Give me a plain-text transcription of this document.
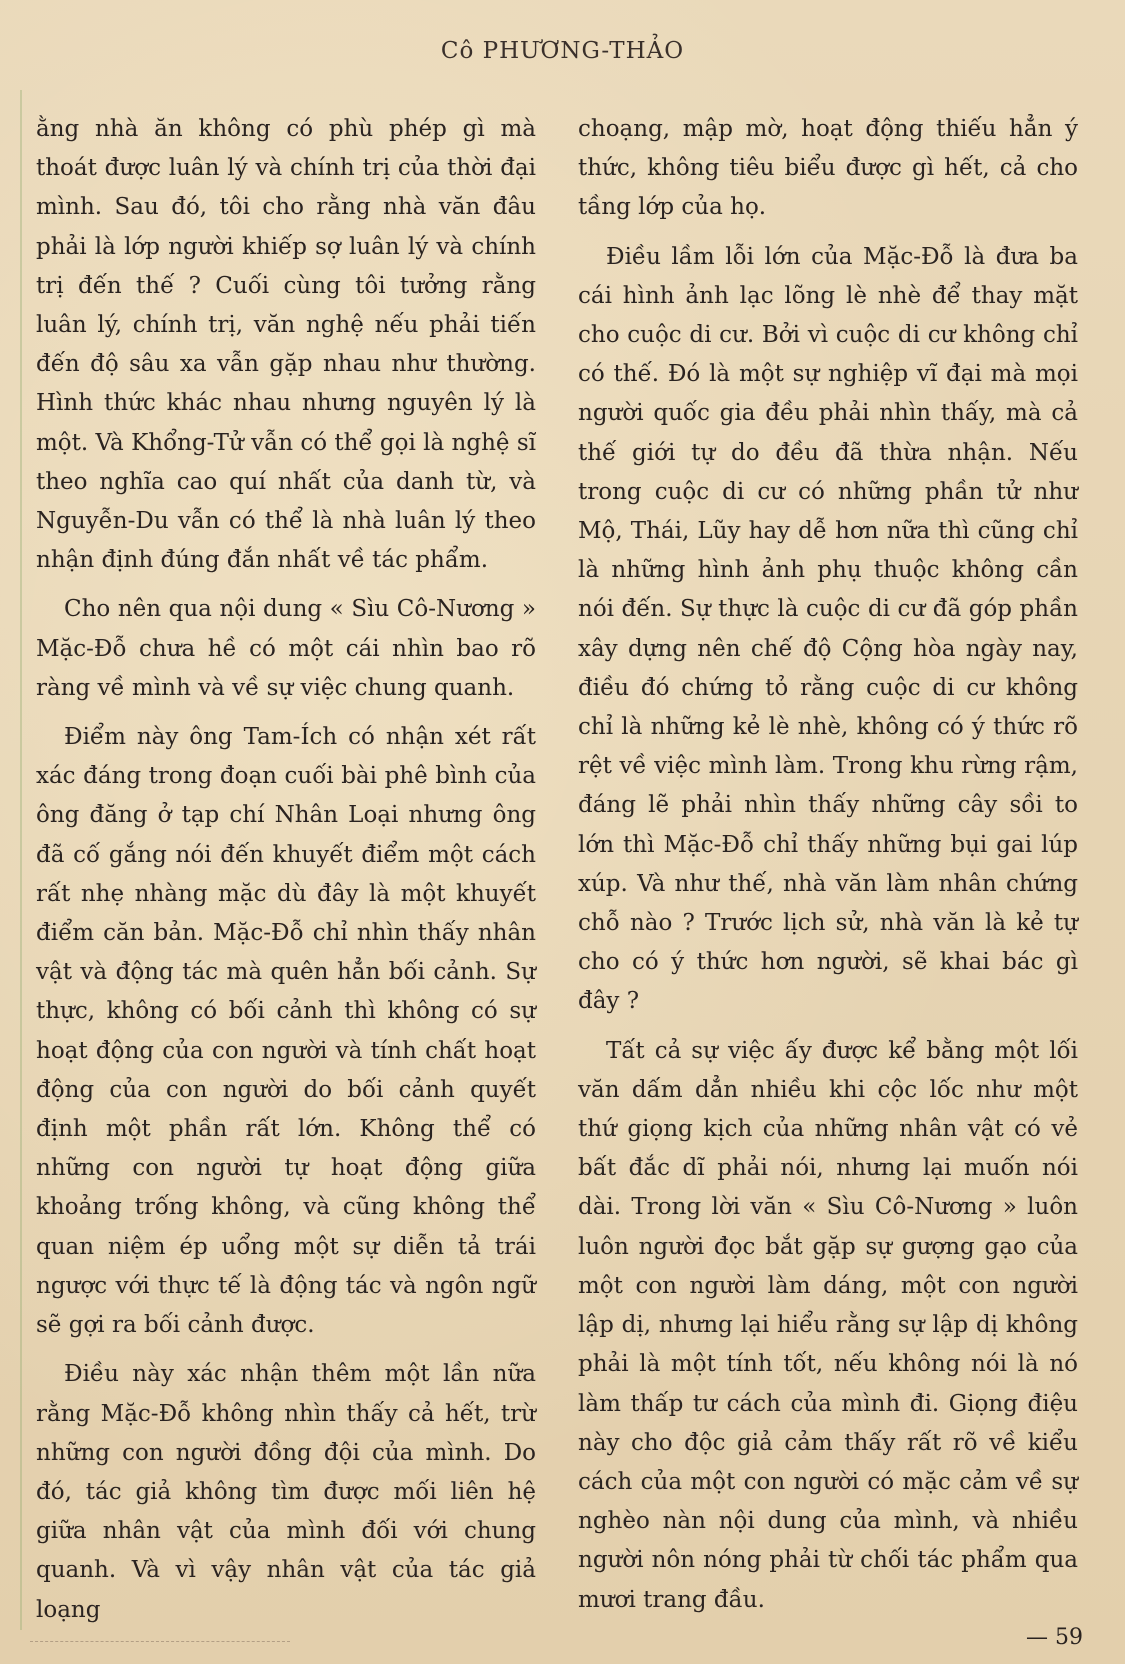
Cô PHƯƠNG-THẢO

ằng nhà ăn không có phù phép gì mà thoát được luân lý và chính trị của thời đại mình. Sau đó, tôi cho rằng nhà văn đâu phải là lớp người khiếp sợ luân lý và chính trị đến thế ? Cuối cùng tôi tưởng rằng luân lý, chính trị, văn nghệ nếu phải tiến đến độ sâu xa vẫn gặp nhau như thường. Hình thức khác nhau nhưng nguyên lý là một. Và Khổng-Tử vẫn có thể gọi là nghệ sĩ theo nghĩa cao quí nhất của danh từ, và Nguyễn-Du vẫn có thể là nhà luân lý theo nhận định đúng đắn nhất về tác phẩm.

Cho nên qua nội dung « Sìu Cô-Nương » Mặc-Đỗ chưa hề có một cái nhìn bao rõ ràng về mình và về sự việc chung quanh.

Điểm này ông Tam-Ích có nhận xét rất xác đáng trong đoạn cuối bài phê bình của ông đăng ở tạp chí Nhân Loại nhưng ông đã cố gắng nói đến khuyết điểm một cách rất nhẹ nhàng mặc dù đây là một khuyết điểm căn bản. Mặc-Đỗ chỉ nhìn thấy nhân vật và động tác mà quên hẳn bối cảnh. Sự thực, không có bối cảnh thì không có sự hoạt động của con người và tính chất hoạt động của con người do bối cảnh quyết định một phần rất lớn. Không thể có những con người tự hoạt động giữa khoảng trống không, và cũng không thể quan niệm ép uổng một sự diễn tả trái ngược với thực tế là động tác và ngôn ngữ sẽ gợi ra bối cảnh được.

Điều này xác nhận thêm một lần nữa rằng Mặc-Đỗ không nhìn thấy cả hết, trừ những con người đồng đội của mình. Do đó, tác giả không tìm được mối liên hệ giữa nhân vật của mình đối với chung quanh. Và vì vậy nhân vật của tác giả loạng

choạng, mập mờ, hoạt động thiếu hẳn ý thức, không tiêu biểu được gì hết, cả cho tầng lớp của họ.

Điều lầm lỗi lớn của Mặc-Đỗ là đưa ba cái hình ảnh lạc lõng lè nhè để thay mặt cho cuộc di cư. Bởi vì cuộc di cư không chỉ có thế. Đó là một sự nghiệp vĩ đại mà mọi người quốc gia đều phải nhìn thấy, mà cả thế giới tự do đều đã thừa nhận. Nếu trong cuộc di cư có những phần tử như Mộ, Thái, Lũy hay dễ hơn nữa thì cũng chỉ là những hình ảnh phụ thuộc không cần nói đến. Sự thực là cuộc di cư đã góp phần xây dựng nên chế độ Cộng hòa ngày nay, điều đó chứng tỏ rằng cuộc di cư không chỉ là những kẻ lè nhè, không có ý thức rõ rệt về việc mình làm. Trong khu rừng rậm, đáng lẽ phải nhìn thấy những cây sồi to lớn thì Mặc-Đỗ chỉ thấy những bụi gai lúp xúp. Và như thế, nhà văn làm nhân chứng chỗ nào ? Trước lịch sử, nhà văn là kẻ tự cho có ý thức hơn người, sẽ khai bác gì đây ?

Tất cả sự việc ấy được kể bằng một lối văn dấm dẳn nhiều khi cộc lốc như một thứ giọng kịch của những nhân vật có vẻ bất đắc dĩ phải nói, nhưng lại muốn nói dài. Trong lời văn « Sìu Cô-Nương » luôn luôn người đọc bắt gặp sự gượng gạo của một con người làm dáng, một con người lập dị, nhưng lại hiểu rằng sự lập dị không phải là một tính tốt, nếu không nói là nó làm thấp tư cách của mình đi. Giọng điệu này cho độc giả cảm thấy rất rõ về kiểu cách của một con người có mặc cảm về sự nghèo nàn nội dung của mình, và nhiều người nôn nóng phải từ chối tác phẩm qua mươi trang đầu.

— 59
